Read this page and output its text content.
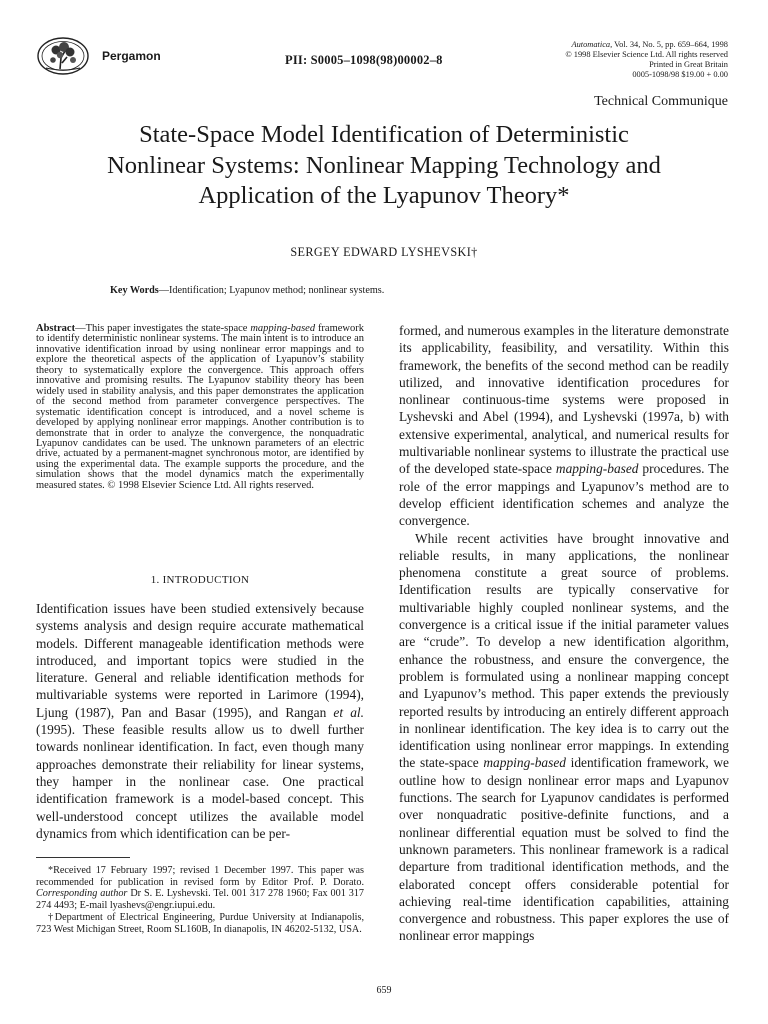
Pergamon	PII: S0005–1098(98)00002–8
Automatica, Vol. 34, No. 5, pp. 659–664, 1998
© 1998 Elsevier Science Ltd. All rights reserved
Printed in Great Britain
0005-1098/98 $19.00 + 0.00
Technical Communique
State-Space Model Identification of Deterministic
Nonlinear Systems: Nonlinear Mapping Technology and
Application of the Lyapunov Theory*
SERGEY EDWARD LYSHEVSKI†
Key Words—Identification; Lyapunov method; nonlinear systems.
Abstract—This paper investigates the state-space mapping-based framework to identify deterministic nonlinear systems. The main intent is to introduce an innovative identification inroad by using nonlinear error mappings and to explore the theoretical aspects of the application of Lyapunov’s stability theory to systematically explore the convergence. This approach offers innovative and promising results. The Lyapunov stability theory has been widely used in stability analysis, and this paper demonstrates the application of the second method from parameter convergence perspectives. The systematic identification concept is introduced, and a novel scheme is developed by applying nonlinear error mappings. Another contribution is to demonstrate that in order to analyze the convergence, the nonquadratic Lyapunov candidates can be used. The unknown parameters of an electric drive, actuated by a permanent-magnet synchronous motor, are identified by using the experimental data. The example supports the procedure, and the simulation shows that the model dynamics match the experimentally measured states. © 1998 Elsevier Science Ltd. All rights reserved.
1. INTRODUCTION

Identification issues have been studied extensively because systems analysis and design require accurate mathematical models. Different manageable identification methods were introduced, and important topics were studied in the literature. General and reliable identification methods for multivariable systems were reported in Larimore (1994), Ljung (1987), Pan and Basar (1995), and Rangan et al. (1995). These feasible results allow us to dwell further towards nonlinear identification. In fact, even though many approaches demonstrate their reliability for linear systems, they hamper in the nonlinear case. One practical identification framework is a model-based concept. This well-understood concept utilizes the available model dynamics from which identification can be per-

*Received 17 February 1997; revised 1 December 1997. This paper was recommended for publication in revised form by Editor Prof. P. Dorato. Corresponding author Dr S. E. Lyshevski. Tel. 001 317 278 1960; Fax 001 317 274 4493; E-mail lyashevs@engr.iupui.edu.

†Department of Electrical Engineering, Purdue University at Indianapolis, 723 West Michigan Street, Room SL160B, In dianapolis, IN 46202-5132, USA.

formed, and numerous examples in the literature demonstrate its applicability, feasibility, and versatility. Within this framework, the benefits of the second method can be readily utilized, and innovative identification procedures for nonlinear continuous-time systems were proposed in Lyshevski and Abel (1994), and Lyshevski (1997a, b) with extensive experimental, analytical, and numerical results for multivariable nonlinear systems to illustrate the practical use of the developed state-space mapping-based procedures. The role of the error mappings and Lyapunov’s method are to develop efficient identification schemes and analyze the convergence.

While recent activities have brought innovative and reliable results, in many applications, the nonlinear phenomena constitute a great source of problems. Identification results are typically conservative for multivariable highly coupled nonlinear systems, and the convergence is a critical issue if the initial parameter values are “crude”. To develop a new identification algorithm, enhance the robustness, and ensure the convergence, the problem is formulated using a nonlinear mapping concept and Lyapunov’s method. This paper extends the previously reported results by introducing an entirely different approach in nonlinear identification. The key idea is to carry out the identification using nonlinear error mappings. In extending the state-space mapping-based identification framework, we outline how to design nonlinear error maps and Lyapunov functions. The search for Lyapunov candidates is performed over nonquadratic positive-definite functions, and a nonlinear differential equation must be solved to find the unknown parameters. This nonlinear framework is a radical departure from traditional identification methods, and the elaborated concept offers considerable potential for achieving real-time identification capabilities, attaining convergence and robustness. This paper explores the use of nonlinear error mappings

659
